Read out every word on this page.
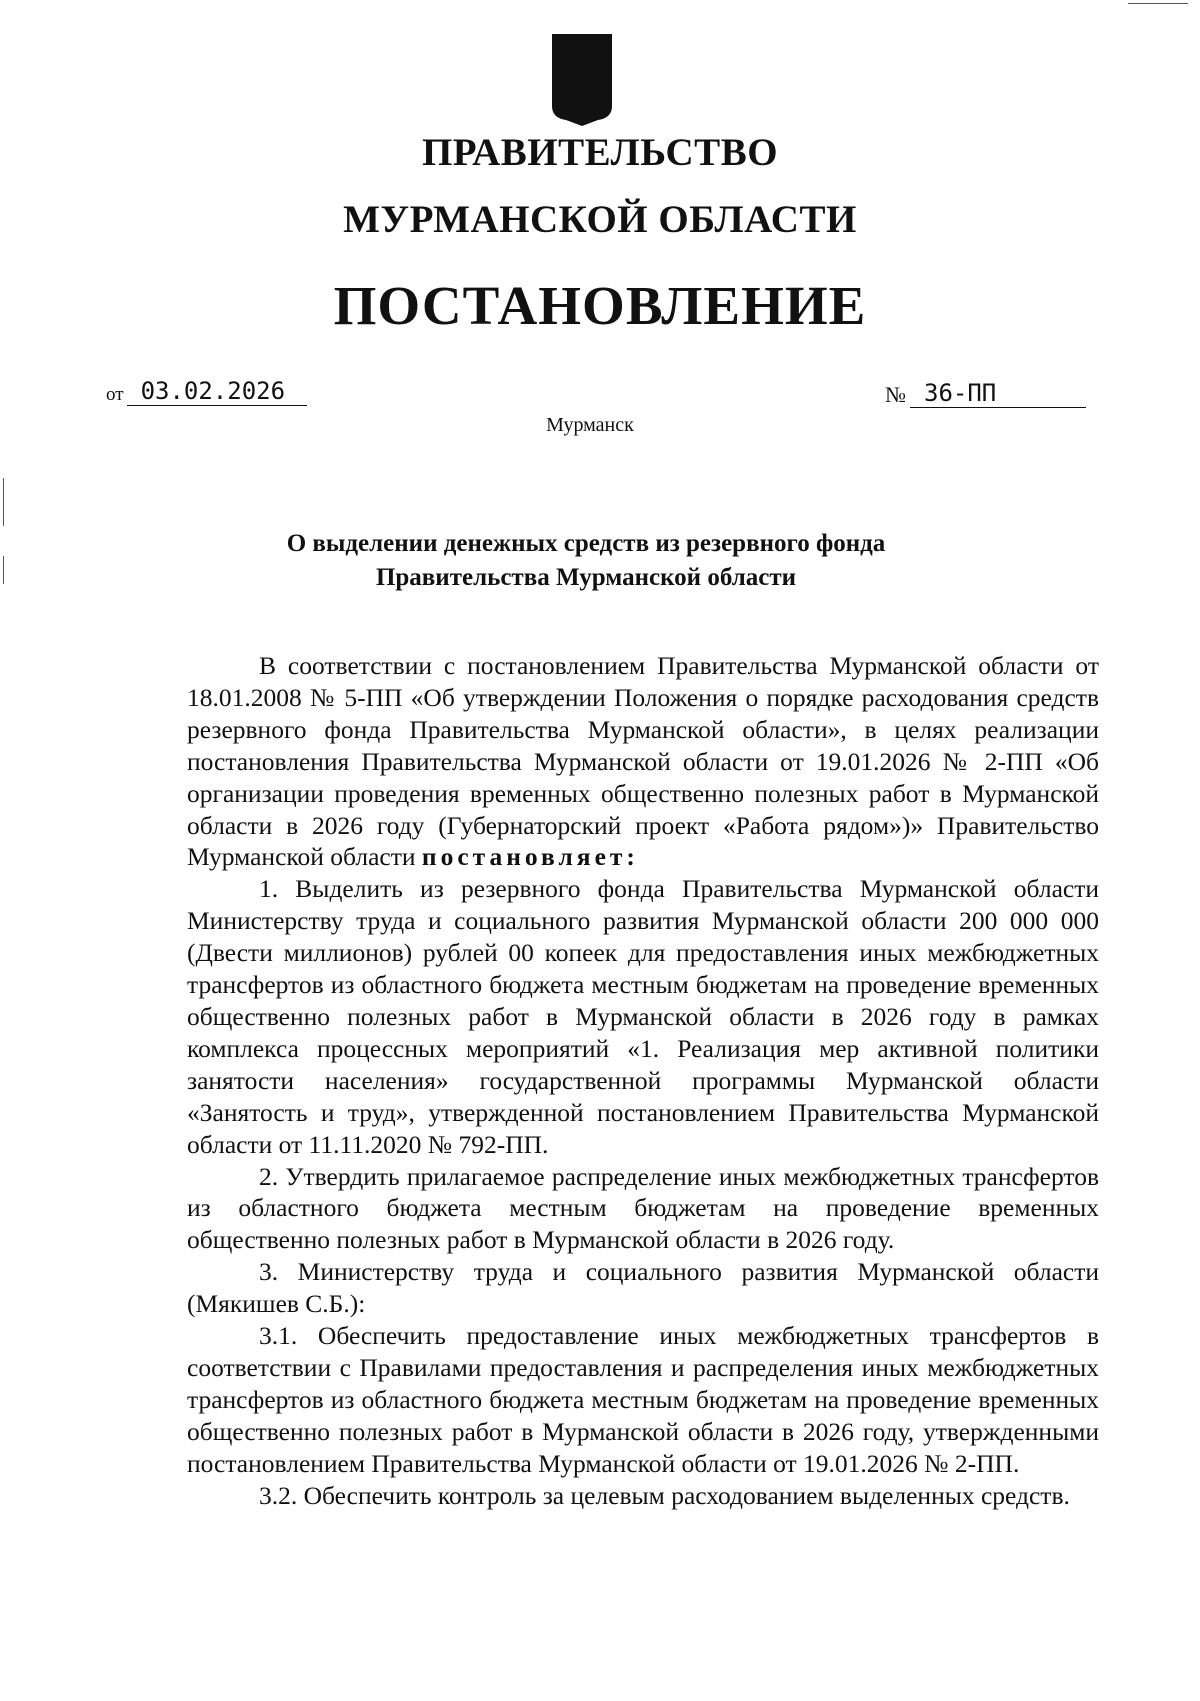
ПРАВИТЕЛЬСТВО
МУРМАНСКОЙ ОБЛАСТИ
ПОСТАНОВЛЕНИЕ
от 03.02.2026	№ 36-ПП
Мурманск
О выделении денежных средств из резервного фонда
Правительства Мурманской области

В соответствии с постановлением Правительства Мурманской области от 18.01.2008 № 5-ПП «Об утверждении Положения о порядке расходования средств резервного фонда Правительства Мурманской области», в целях реализации постановления Правительства Мурманской области от 19.01.2026 № 2-ПП «Об организации проведения временных общественно полезных работ в Мурманской области в 2026 году (Губернаторский проект «Работа рядом»)» Правительство Мурманской области постановляет:

1. Выделить из резервного фонда Правительства Мурманской области Министерству труда и социального развития Мурманской области 200 000 000 (Двести миллионов) рублей 00 копеек для предоставления иных межбюджетных трансфертов из областного бюджета местным бюджетам на проведение временных общественно полезных работ в Мурманской области в 2026 году в рамках комплекса процессных мероприятий «1. Реализация мер активной политики занятости населения» государственной программы Мурманской области «Занятость и труд», утвержденной постановлением Правительства Мурманской области от 11.11.2020 № 792-ПП.

2. Утвердить прилагаемое распределение иных межбюджетных трансфертов из областного бюджета местным бюджетам на проведение временных общественно полезных работ в Мурманской области в 2026 году.

3. Министерству труда и социального развития Мурманской области (Мякишев С.Б.):

3.1. Обеспечить предоставление иных межбюджетных трансфертов в соответствии с Правилами предоставления и распределения иных межбюджетных трансфертов из областного бюджета местным бюджетам на проведение временных общественно полезных работ в Мурманской области в 2026 году, утвержденными постановлением Правительства Мурманской области от 19.01.2026 № 2-ПП.

3.2. Обеспечить контроль за целевым расходованием выделенных средств.
